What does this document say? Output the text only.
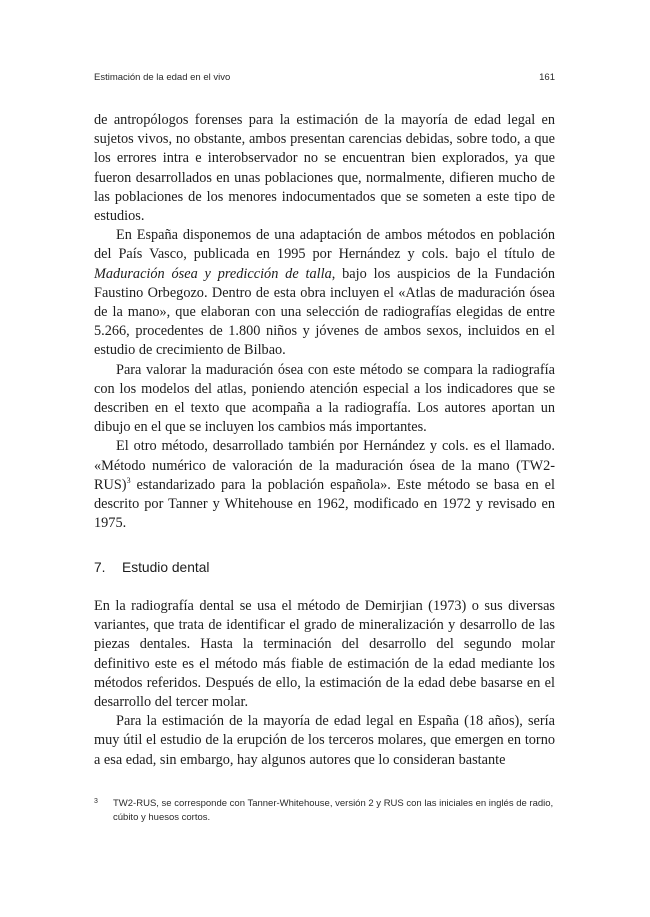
Estimación de la edad en el vivo	161

de antropólogos forenses para la estimación de la mayoría de edad legal en sujetos vivos, no obstante, ambos presentan carencias debidas, sobre todo, a que los errores intra e interobservador no se encuentran bien explorados, ya que fueron desarrollados en unas poblaciones que, normalmente, difieren mucho de las poblaciones de los menores indocumentados que se someten a este tipo de estudios.

En España disponemos de una adaptación de ambos métodos en población del País Vasco, publicada en 1995 por Hernández y cols. bajo el título de Maduración ósea y predicción de talla, bajo los auspicios de la Fundación Faustino Orbegozo. Dentro de esta obra incluyen el «Atlas de maduración ósea de la mano», que elaboran con una selección de radiografías elegidas de entre 5.266, procedentes de 1.800 niños y jóvenes de ambos sexos, incluidos en el estudio de crecimiento de Bilbao.

Para valorar la maduración ósea con este método se compara la radiografía con los modelos del atlas, poniendo atención especial a los indicadores que se describen en el texto que acompaña a la radiografía. Los autores aportan un dibujo en el que se incluyen los cambios más importantes.

El otro método, desarrollado también por Hernández y cols. es el llamado. «Método numérico de valoración de la maduración ósea de la mano $(TW2-RUS)^3$ estandarizado para la población española». Este método se basa en el descrito por Tanner y Whitehouse en 1962, modificado en 1972 y revisado en 1975.

7. Estudio dental

En la radiografía dental se usa el método de Demirjian (1973) o sus diversas variantes, que trata de identificar el grado de mineralización y desarrollo de las piezas dentales. Hasta la terminación del desarrollo del segundo molar definitivo este es el método más fiable de estimación de la edad mediante los métodos referidos. Después de ello, la estimación de la edad debe basarse en el desarrollo del tercer molar.

Para la estimación de la mayoría de edad legal en España (18 años), sería muy útil el estudio de la erupción de los terceros molares, que emergen en torno a esa edad, sin embargo, hay algunos autores que lo consideran bastante

3 TW2-RUS, se corresponde con Tanner-Whitehouse, versión 2 y RUS con las iniciales en inglés de radio, cúbito y huesos cortos.
